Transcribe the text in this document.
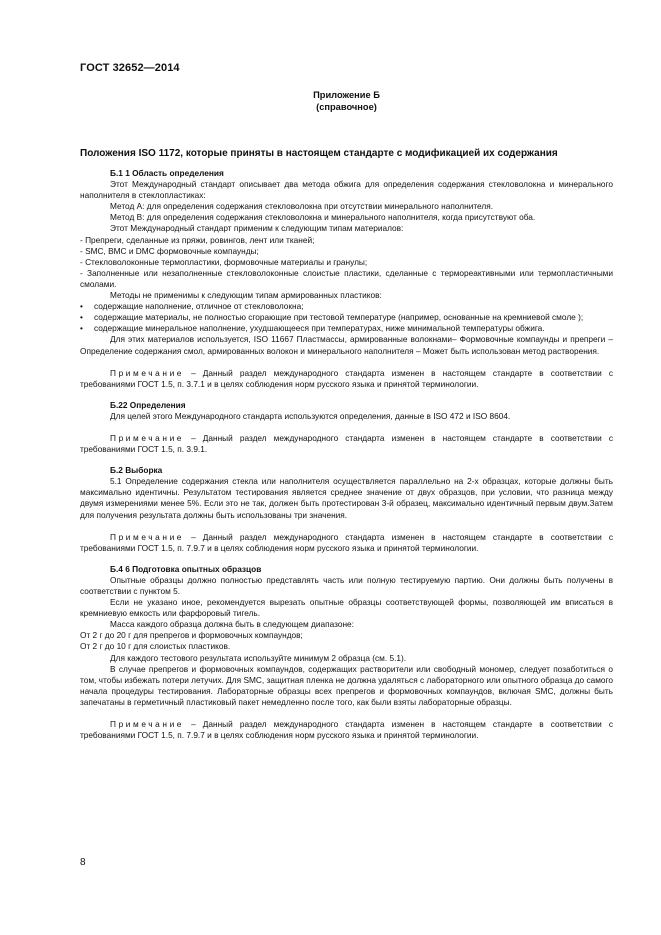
ГОСТ 32652—2014
Приложение Б
(справочное)
Положения ISO 1172, которые приняты в настоящем стандарте с модификацией их содержания

Б.1 1 Область определения

Этот Международный стандарт описывает два метода обжига для определения содержания стекловолокна и минерального наполнителя в стеклопластиках:

Метод А: для определения содержания стекловолокна при отсутствии минерального наполнителя.

Метод В: для определения содержания стекловолокна и минерального наполнителя, когда присутствуют оба.

Этот Международный стандарт применим к следующим типам материалов:

- Препреги, сделанные из пряжи, ровингов, лент или тканей;

- SMC, BMC и DMC формовочные компаунды;

- Стекловолоконные термопластики, формовочные материалы и гранулы;

- Заполненные или незаполненные стекловолоконные слоистые пластики, сделанные с термореактивными или термопластичными смолами.

Методы не применимы к следующим типам армированных пластиков:

• содержащие наполнение, отличное от стекловолокна;

• содержащие материалы, не полностью сгорающие при тестовой температуре (например, основанные на кремниевой смоле );

• содержащие минеральное наполнение, ухудшающееся при температурах, ниже минимальной температуры обжига.

Для этих материалов используется, ISO 11667 Пластмассы, армированные волокнами– Формовочные компаунды и препреги – Определение содержания смол, армированных волокон и минерального наполнителя – Может быть использован метод растворения.

Примечание – Данный раздел международного стандарта изменен в настоящем стандарте в соответствии с требованиями ГОСТ 1.5, п. 3.7.1 и в целях соблюдения норм русского языка и принятой терминологии.

Б.22 Определения

Для целей этого Международного стандарта используются определения, данные в ISO 472 и ISO 8604.

Примечание – Данный раздел международного стандарта изменен в настоящем стандарте в соответствии с требованиями ГОСТ 1.5, п. 3.9.1.

Б.2 Выборка

5.1 Определение содержания стекла или наполнителя осуществляется параллельно на 2-х образцах, которые должны быть максимально идентичны. Результатом тестирования является среднее значение от двух образцов, при условии, что разница между двумя измерениями менее 5%. Если это не так, должен быть протестирован 3-й образец, максимально идентичный первым двум.Затем для получения результата должны быть использованы три значения.

Примечание – Данный раздел международного стандарта изменен в настоящем стандарте в соответствии с требованиями ГОСТ 1.5, п. 7.9.7 и в целях соблюдения норм русского языка и принятой терминологии.

Б.4 6 Подготовка опытных образцов

Опытные образцы должно полностью представлять часть или полную тестируемую партию. Они должны быть получены в соответствии с пунктом 5.

Если не указано иное, рекомендуется вырезать опытные образцы соответствующей формы, позволяющей им вписаться в кремниевую емкость или фарфоровый тигель.

Масса каждого образца должна быть в следующем диапазоне:

От 2 г до 20 г для препрегов и формовочных компаундов;

От 2 г до 10 г для слоистых пластиков.

Для каждого тестового результата используйте минимум 2 образца (см. 5.1).

В случае препрегов и формовочных компаундов, содержащих растворители или свободный мономер, следует позаботиться о том, чтобы избежать потери летучих. Для SMC, защитная пленка не должна удаляться с лабораторного или опытного образца до самого начала процедуры тестирования. Лабораторные образцы всех препрегов и формовочных компаундов, включая SMC, должны быть запечатаны в герметичный пластиковый пакет немедленно после того, как были взяты лабораторные образцы.

Примечание – Данный раздел международного стандарта изменен в настоящем стандарте в соответствии с требованиями ГОСТ 1.5, п. 7.9.7 и в целях соблюдения норм русского языка и принятой терминологии.

8
